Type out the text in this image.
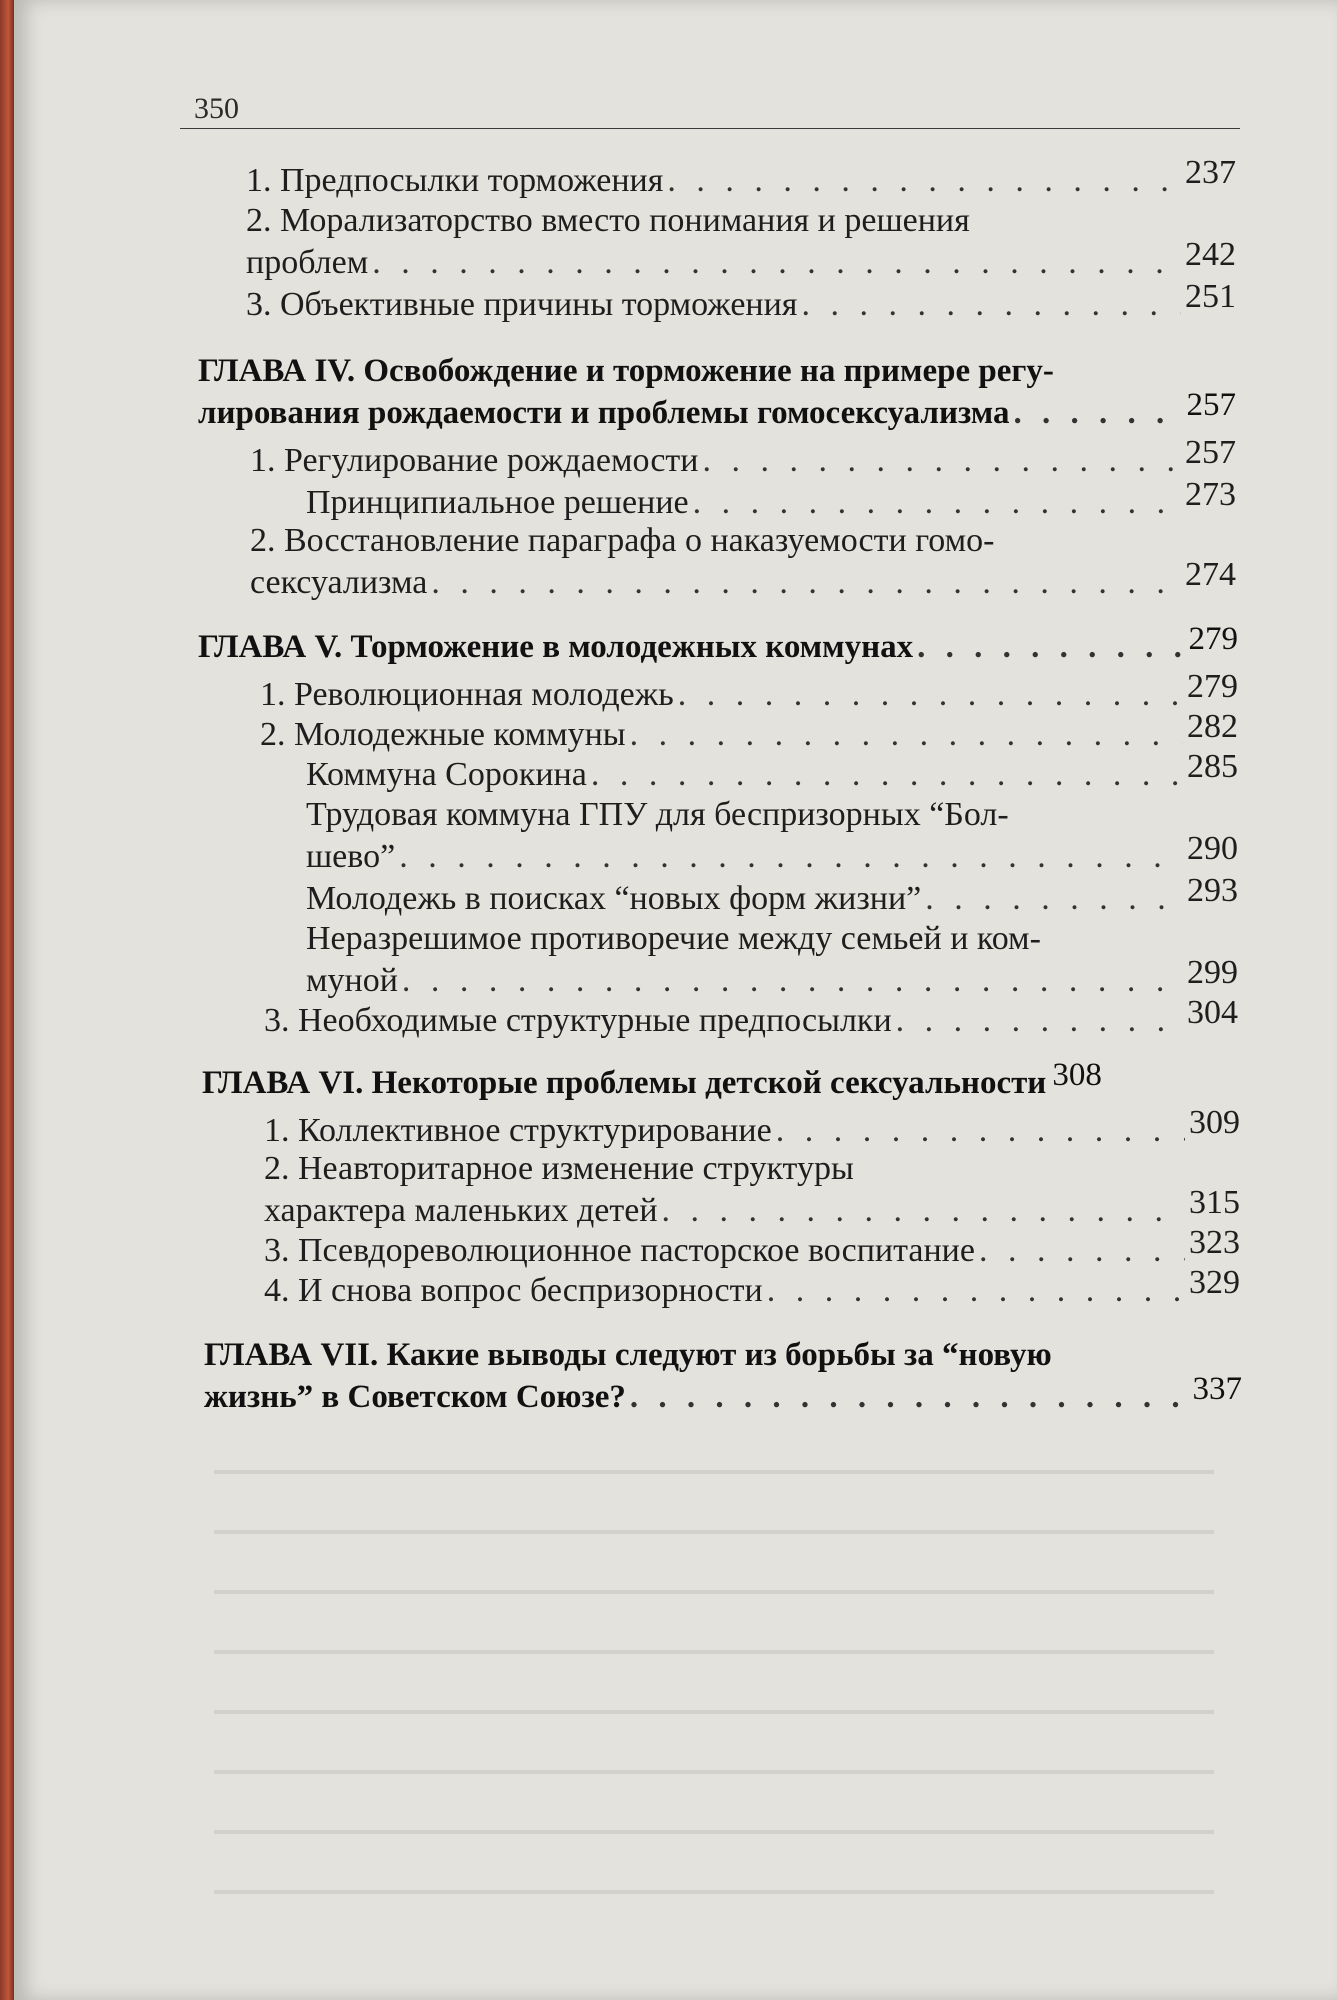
350
1. Предпосылки торможения . . .	237
2. Морализаторство вместо понимания и решения
проблем . . .	242
3. Объективные причины торможения . . .	251
ГЛАВА IV. Освобождение и торможение на примере регу-
лирования рождаемости и проблемы гомосексуализма . . .	257
1. Регулирование рождаемости . . .	257
Принципиальное решение . . .	273
2. Восстановление параграфа о наказуемости гомо-
сексуализма . . .	274
ГЛАВА V. Торможение в молодежных коммунах . . .	279
1. Революционная молодежь . . .	279
2. Молодежные коммуны . . .	282
Коммуна Сорокина . . .	285
Трудовая коммуна ГПУ для беспризорных “Бол-
шево” . . .	290
Молодежь в поисках “новых форм жизни” . . .	293
Неразрешимое противоречие между семьей и ком-
муной . . .	299
3. Необходимые структурные предпосылки . . .	304
ГЛАВА VI. Некоторые проблемы детской сексуальности 308
1. Коллективное структурирование . . .	309
2. Неавторитарное изменение структуры
характера маленьких детей . . .	315
3. Псевдореволюционное пасторское воспитание . . .	323
4. И снова вопрос беспризорности . . .	329
ГЛАВА VII. Какие выводы следуют из борьбы за “новую
жизнь” в Советском Союзе? . . .	337
